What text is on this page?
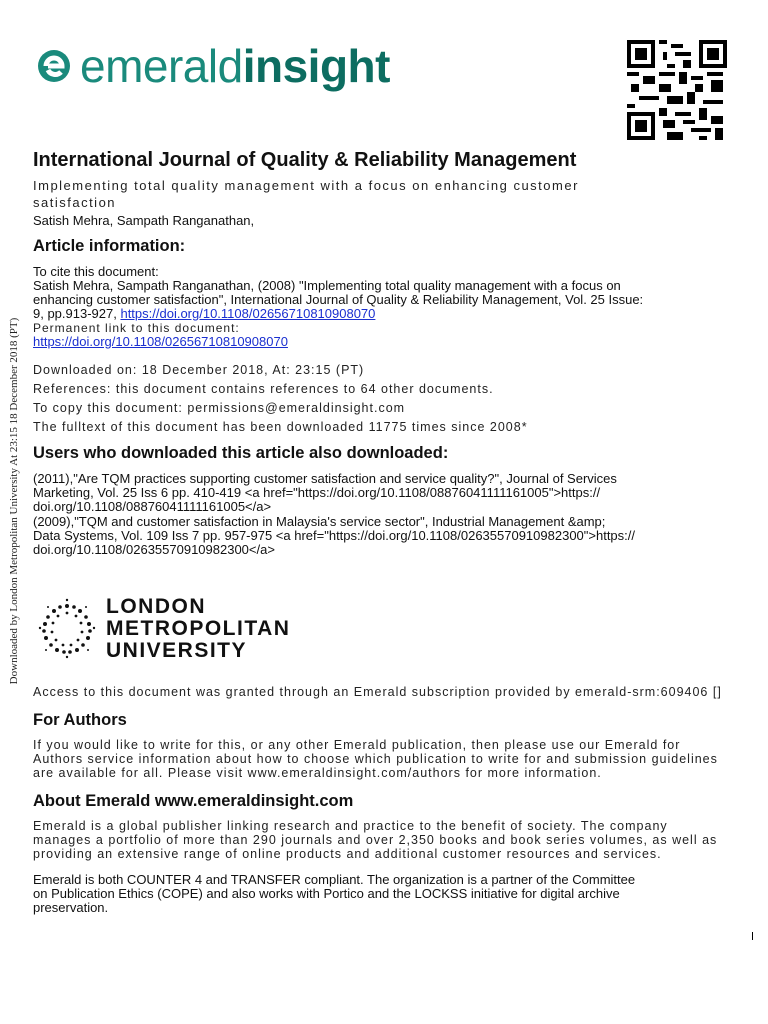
Downloaded by London Metropolitan University At 23:15 18 December 2018 (PT)
emeraldinsight
International Journal of Quality & Reliability Management
Implementing total quality management with a focus on enhancing customer
satisfaction
Satish Mehra, Sampath Ranganathan,
Article information:
To cite this document:
Satish Mehra, Sampath Ranganathan, (2008) "Implementing total quality management with a focus on
enhancing customer satisfaction", International Journal of Quality & Reliability Management, Vol. 25 Issue:
9, pp.913-927, https://doi.org/10.1108/02656710810908070
Permanent link to this document:
https://doi.org/10.1108/02656710810908070
Downloaded on: 18 December 2018, At: 23:15 (PT)
References: this document contains references to 64 other documents.
To copy this document: permissions@emeraldinsight.com
The fulltext of this document has been downloaded 11775 times since 2008*
Users who downloaded this article also downloaded:
(2011),"Are TQM practices supporting customer satisfaction and service quality?", Journal of Services
Marketing, Vol. 25 Iss 6 pp. 410-419 <a href="https://doi.org/10.1108/08876041111161005">https://
doi.org/10.1108/08876041111161005</a>
(2009),"TQM and customer satisfaction in Malaysia's service sector", Industrial Management &amp;
Data Systems, Vol. 109 Iss 7 pp. 957-975 <a href="https://doi.org/10.1108/02635570910982300">https://
doi.org/10.1108/02635570910982300</a>
LONDON
METROPOLITAN
UNIVERSITY
Access to this document was granted through an Emerald subscription provided by emerald-srm:609406 []
For Authors
If you would like to write for this, or any other Emerald publication, then please use our Emerald for
Authors service information about how to choose which publication to write for and submission guidelines
are available for all. Please visit www.emeraldinsight.com/authors for more information.
About Emerald www.emeraldinsight.com
Emerald is a global publisher linking research and practice to the benefit of society. The company
manages a portfolio of more than 290 journals and over 2,350 books and book series volumes, as well as
providing an extensive range of online products and additional customer resources and services.
Emerald is both COUNTER 4 and TRANSFER compliant. The organization is a partner of the Committee
on Publication Ethics (COPE) and also works with Portico and the LOCKSS initiative for digital archive
preservation.
